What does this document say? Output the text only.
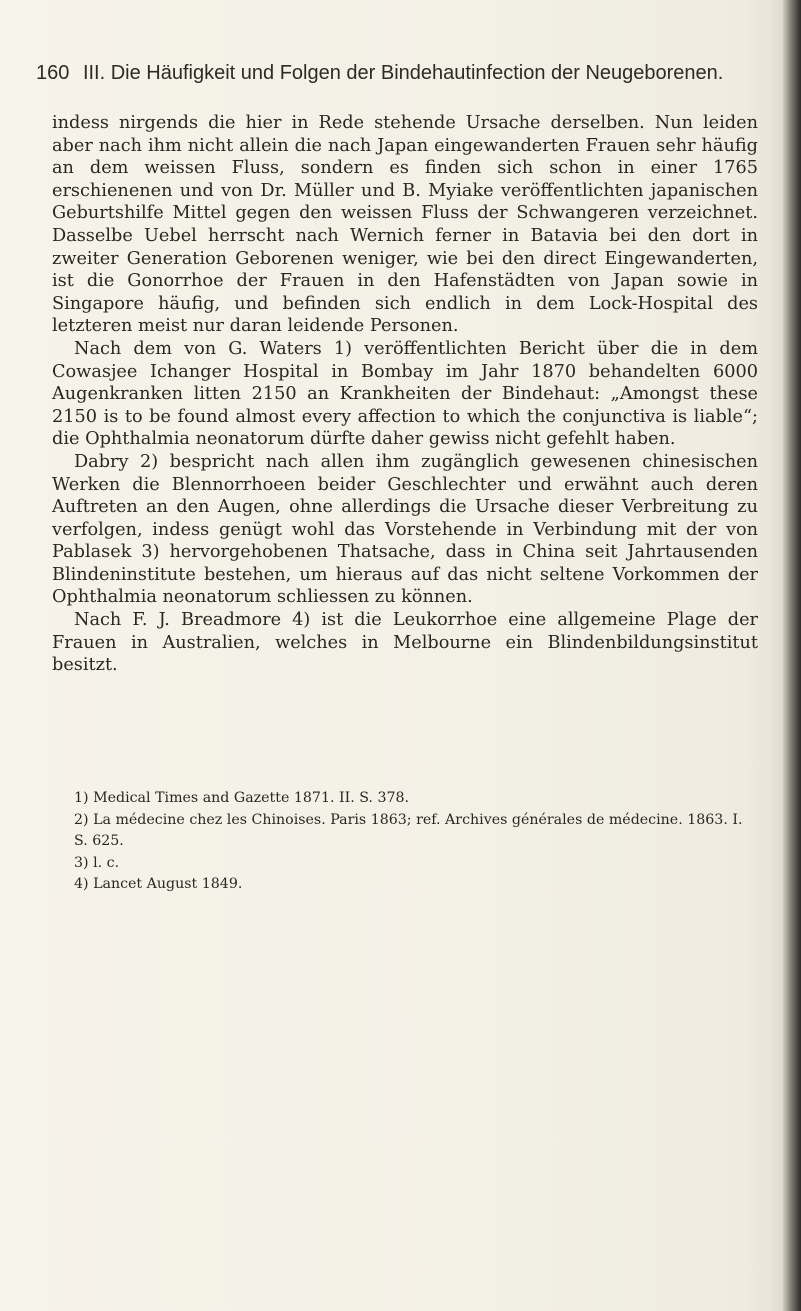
160 III. Die Häufigkeit und Folgen der Bindehautinfection der Neugeborenen.

indess nirgends die hier in Rede stehende Ursache derselben. Nun leiden aber nach ihm nicht allein die nach Japan eingewanderten Frauen sehr häufig an dem weissen Fluss, sondern es finden sich schon in einer 1765 erschienenen und von Dr. Müller und B. Myiake veröffentlichten japanischen Geburtshilfe Mittel gegen den weissen Fluss der Schwangeren verzeichnet. Dasselbe Uebel herrscht nach Wernich ferner in Batavia bei den dort in zweiter Generation Geborenen weniger, wie bei den direct Eingewanderten, ist die Gonorrhoe der Frauen in den Hafenstädten von Japan sowie in Singapore häufig, und befinden sich endlich in dem Lock-Hospital des letzteren meist nur daran leidende Personen.

Nach dem von G. Waters 1) veröffentlichten Bericht über die in dem Cowasjee Ichanger Hospital in Bombay im Jahr 1870 behandelten 6000 Augenkranken litten 2150 an Krankheiten der Bindehaut: „Amongst these 2150 is to be found almost every affection to which the conjunctiva is liable“; die Ophthalmia neonatorum dürfte daher gewiss nicht gefehlt haben.

Dabry 2) bespricht nach allen ihm zugänglich gewesenen chinesischen Werken die Blennorrhoeen beider Geschlechter und erwähnt auch deren Auftreten an den Augen, ohne allerdings die Ursache dieser Verbreitung zu verfolgen, indess genügt wohl das Vorstehende in Verbindung mit der von Pablasek 3) hervorgehobenen Thatsache, dass in China seit Jahrtausenden Blindeninstitute bestehen, um hieraus auf das nicht seltene Vorkommen der Ophthalmia neonatorum schliessen zu können.

Nach F. J. Breadmore 4) ist die Leukorrhoe eine allgemeine Plage der Frauen in Australien, welches in Melbourne ein Blindenbildungsinstitut besitzt.

1) Medical Times and Gazette 1871. II. S. 378.
2) La médecine chez les Chinoises. Paris 1863; ref. Archives générales de médecine. 1863. I. S. 625.
3) l. c.
4) Lancet August 1849.
